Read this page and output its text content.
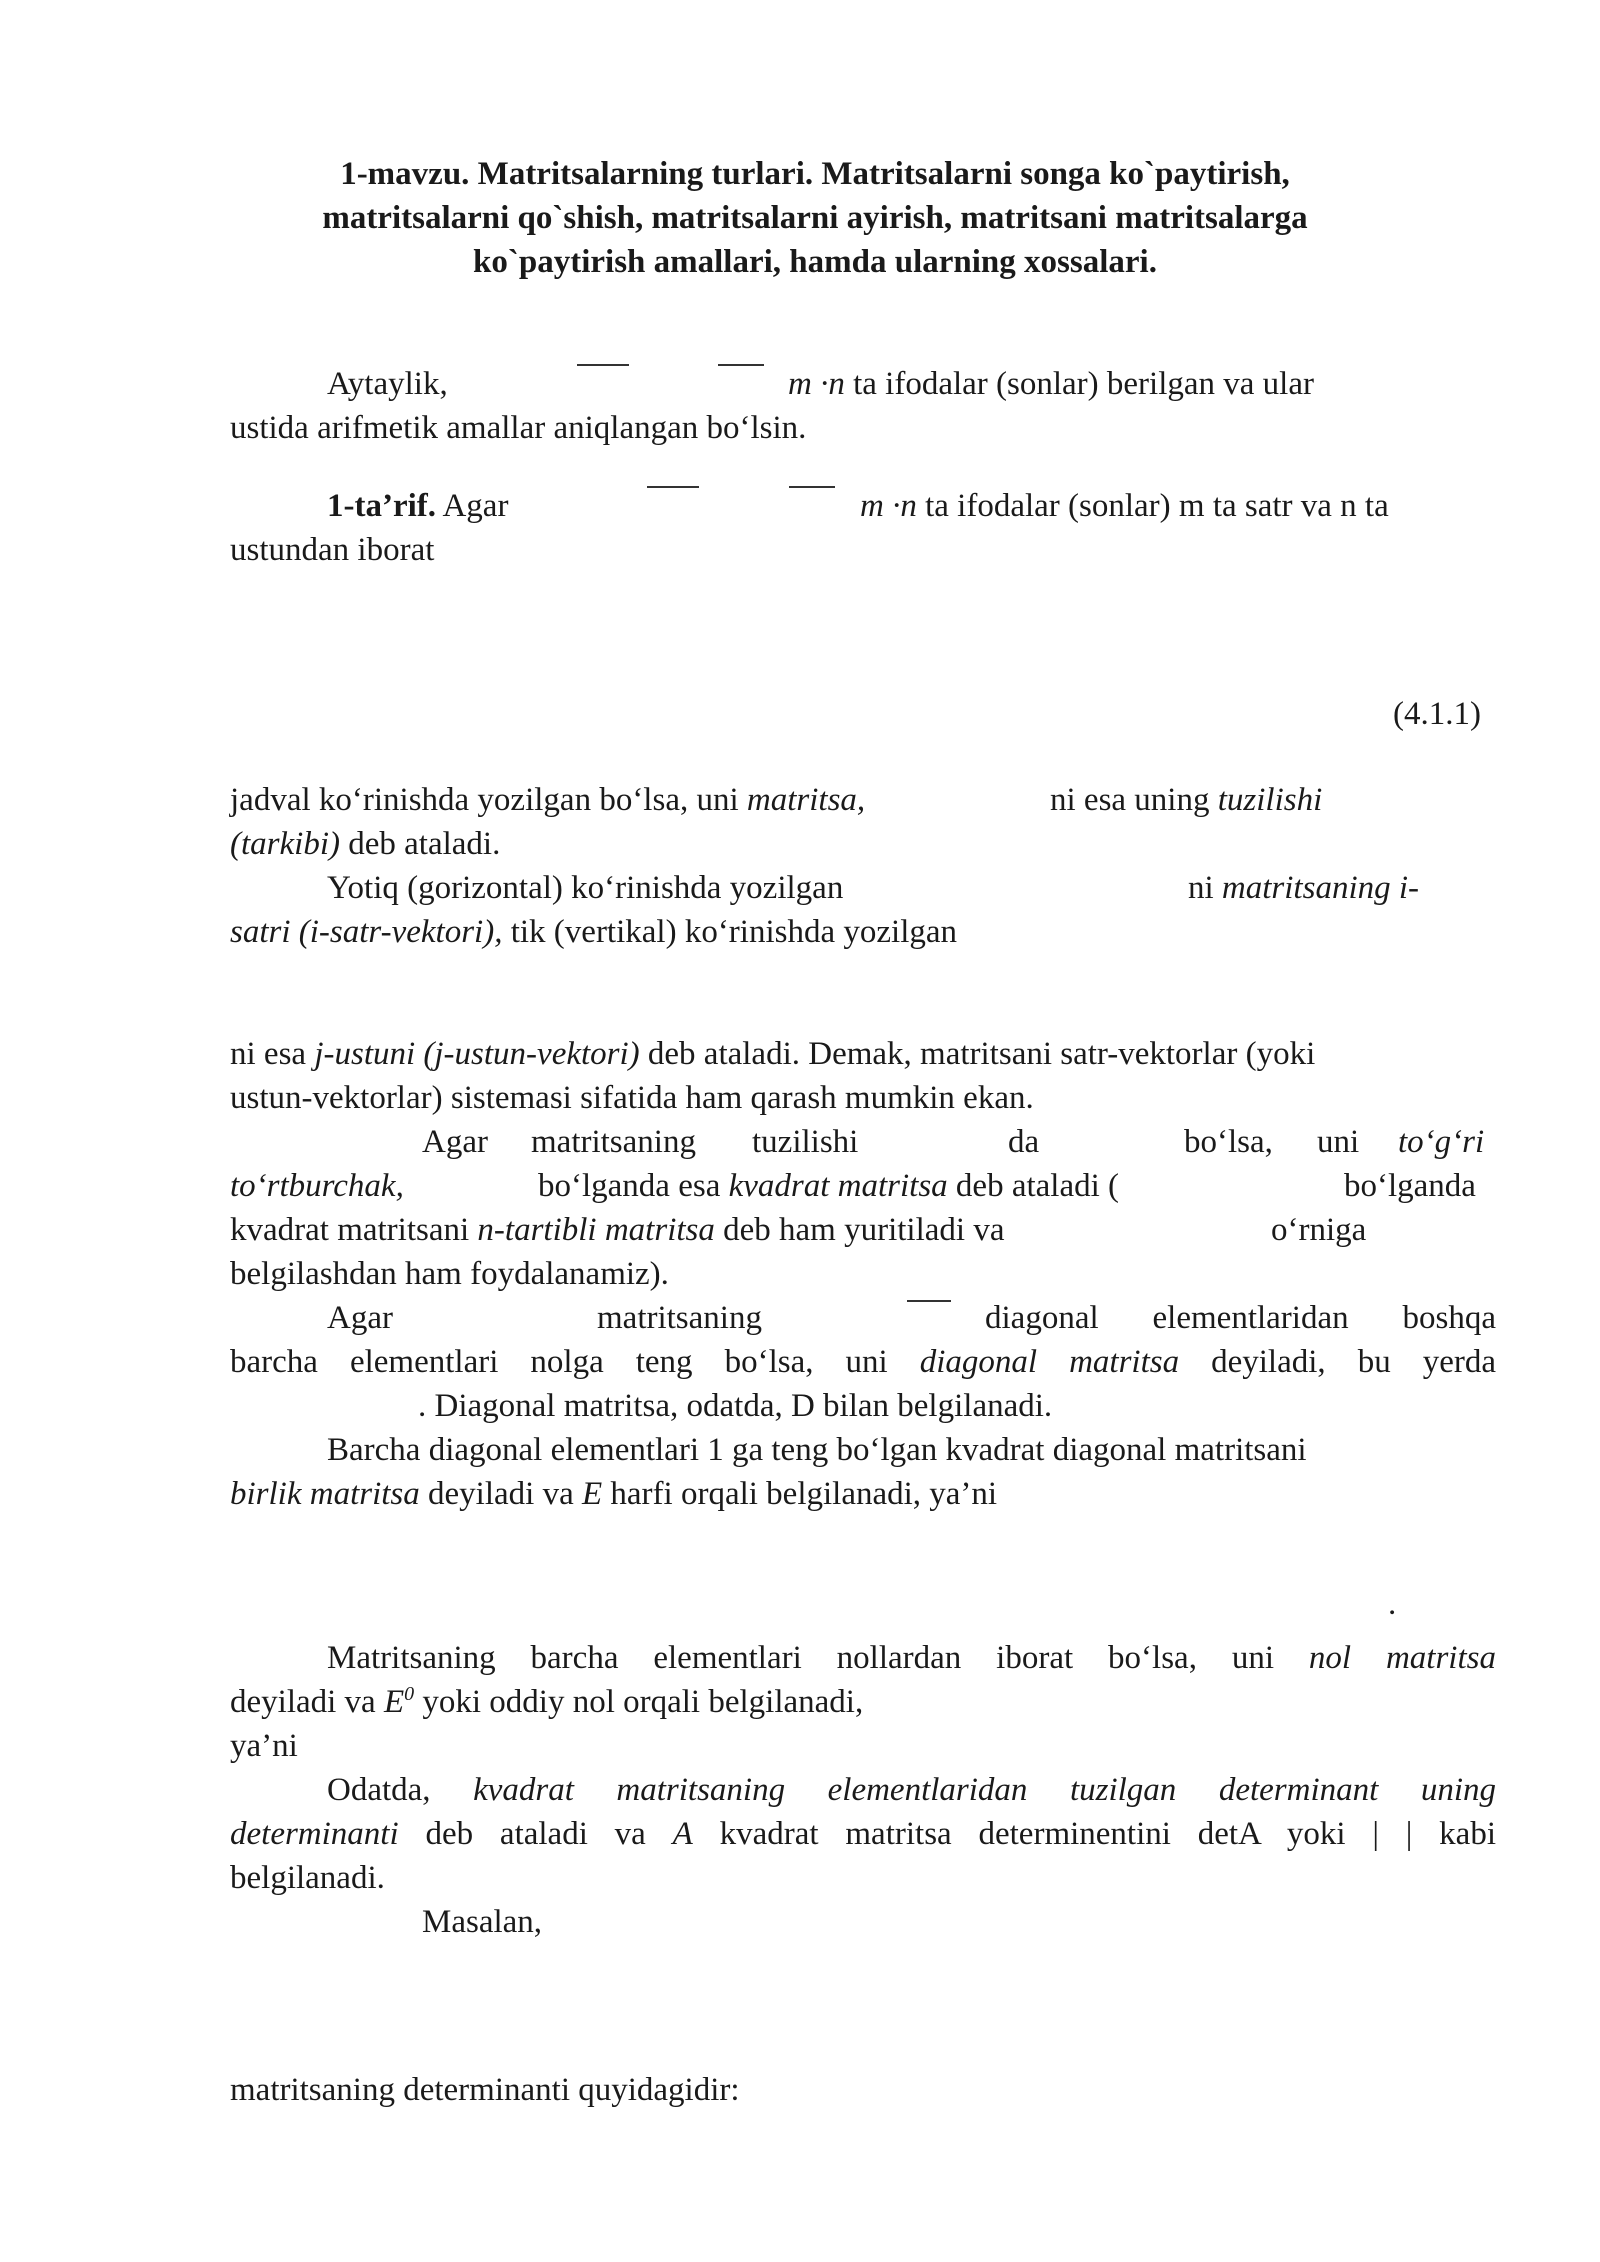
1-mavzu. Matritsalarning turlari. Matritsalarni songa ko`paytirish,
matritsalarni qo`shish, matritsalarni ayirish, matritsani matritsalarga
ko`paytirish amallari, hamda ularning xossalari.
Aytaylik,	m ·n ta ifodalar (sonlar) berilgan va ular
ustida arifmetik amallar aniqlangan bo‘lsin.
1-ta’rif. Agar	m ·n ta ifodalar (sonlar) m ta satr va n ta
ustundan iborat
(4.1.1)
jadval ko‘rinishda yozilgan bo‘lsa, uni matritsa,	ni esa uning tuzilishi
(tarkibi) deb ataladi.
Yotiq (gorizontal) ko‘rinishda yozilgan	ni matritsaning i-
satri (i-satr-vektori), tik (vertikal) ko‘rinishda yozilgan
ni esa j-ustuni (j-ustun-vektori) deb ataladi. Demak, matritsani satr-vektorlar (yoki
ustun-vektorlar) sistemasi sifatida ham qarash mumkin ekan.
Agar matritsaning tuzilishi	da	bo‘lsa, uni to‘g‘ri
to‘rtburchak,	bo‘lganda esa kvadrat matritsa deb ataladi (	bo‘lganda
kvadrat matritsani n-tartibli matritsa deb ham yuritiladi va	o‘rniga
belgilashdan ham foydalanamiz).
Agar	matritsaning	diagonal elementlaridan boshqa
barcha elementlari nolga teng bo‘lsa, uni diagonal matritsa deyiladi, bu yerda
. Diagonal matritsa, odatda, D bilan belgilanadi.
Barcha diagonal elementlari 1 ga teng bo‘lgan kvadrat diagonal matritsani
birlik matritsa deyiladi va E harfi orqali belgilanadi, ya’ni
.
Matritsaning barcha elementlari nollardan iborat bo‘lsa, uni nol matritsa
deyiladi va $E^0$ yoki oddiy nol orqali belgilanadi,
ya’ni
Odatda, kvadrat matritsaning elementlaridan tuzilgan determinant uning
determinanti deb ataladi va A kvadrat matritsa determinentini detA yoki | | kabi
belgilanadi.
Masalan,
matritsaning determinanti quyidagidir:
